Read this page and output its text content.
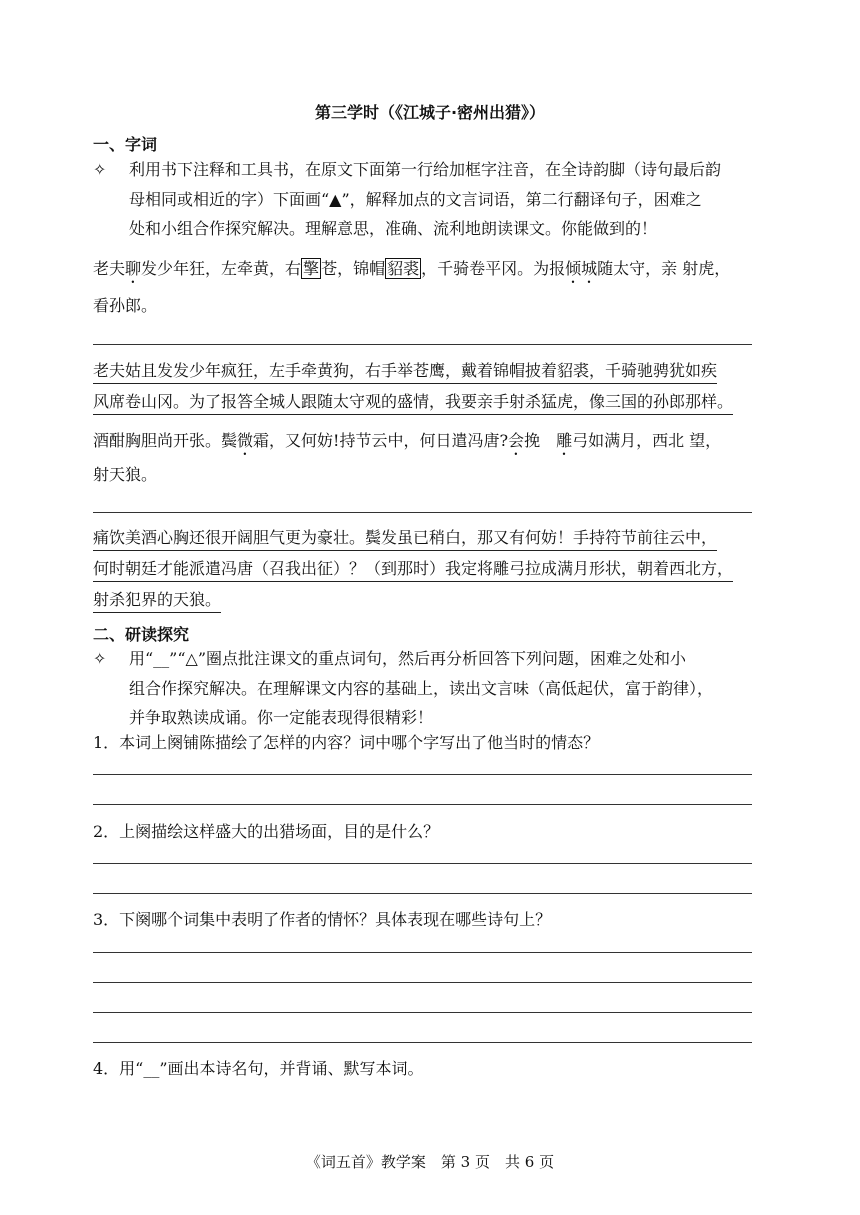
第三学时（《江城子·密州出猎》）
一、字词
✧ 利用书下注释和工具书，在原文下面第一行给加框字注音，在全诗韵脚（诗句最后韵
母相同或相近的字）下面画“▲”，解释加点的文言词语，第二行翻译句子，困难之
处和小组合作探究解决。理解意思，准确、流利地朗读课文。你能做到的！
老夫聊发少年狂，左牵黄，右 擎 苍，锦帽 貂裘 ，千骑卷平冈。为报倾城随太守，亲 射虎，
看孙郎。
老夫姑且发发少年疯狂，左手牵黄狗，右手举苍鹰，戴着锦帽披着貂裘，千骑驰骋犹如疾
风席卷山冈。为了报答全城人跟随太守观的盛情，我要亲手射杀猛虎，像三国的孙郎那样。
酒酣胸胆尚开张。鬓微霜，又何妨!持节云中，何日遣冯唐?会挽　雕弓如满月，西北 望，
射天狼。
痛饮美酒心胸还很开阔胆气更为豪壮。鬓发虽已稍白，那又有何妨！手持符节前往云中，
何时朝廷才能派遣冯唐（召我出征）？（到那时）我定将雕弓拉成满月形状，朝着西北方，
射杀犯界的天狼。
二、研读探究
✧ 用“__”“△”圈点批注课文的重点词句，然后再分析回答下列问题，困难之处和小
组合作探究解决。在理解课文内容的基础上，读出文言味（高低起伏，富于韵律），
并争取熟读成诵。你一定能表现得很精彩！
1．本词上阕铺陈描绘了怎样的内容？词中哪个字写出了他当时的情态？
2．上阕描绘这样盛大的出猎场面，目的是什么？
3．下阕哪个词集中表明了作者的情怀？具体表现在哪些诗句上？
4．用“__”画出本诗名句，并背诵、默写本词。
《词五首》教学案　第 3 页　共 6 页
